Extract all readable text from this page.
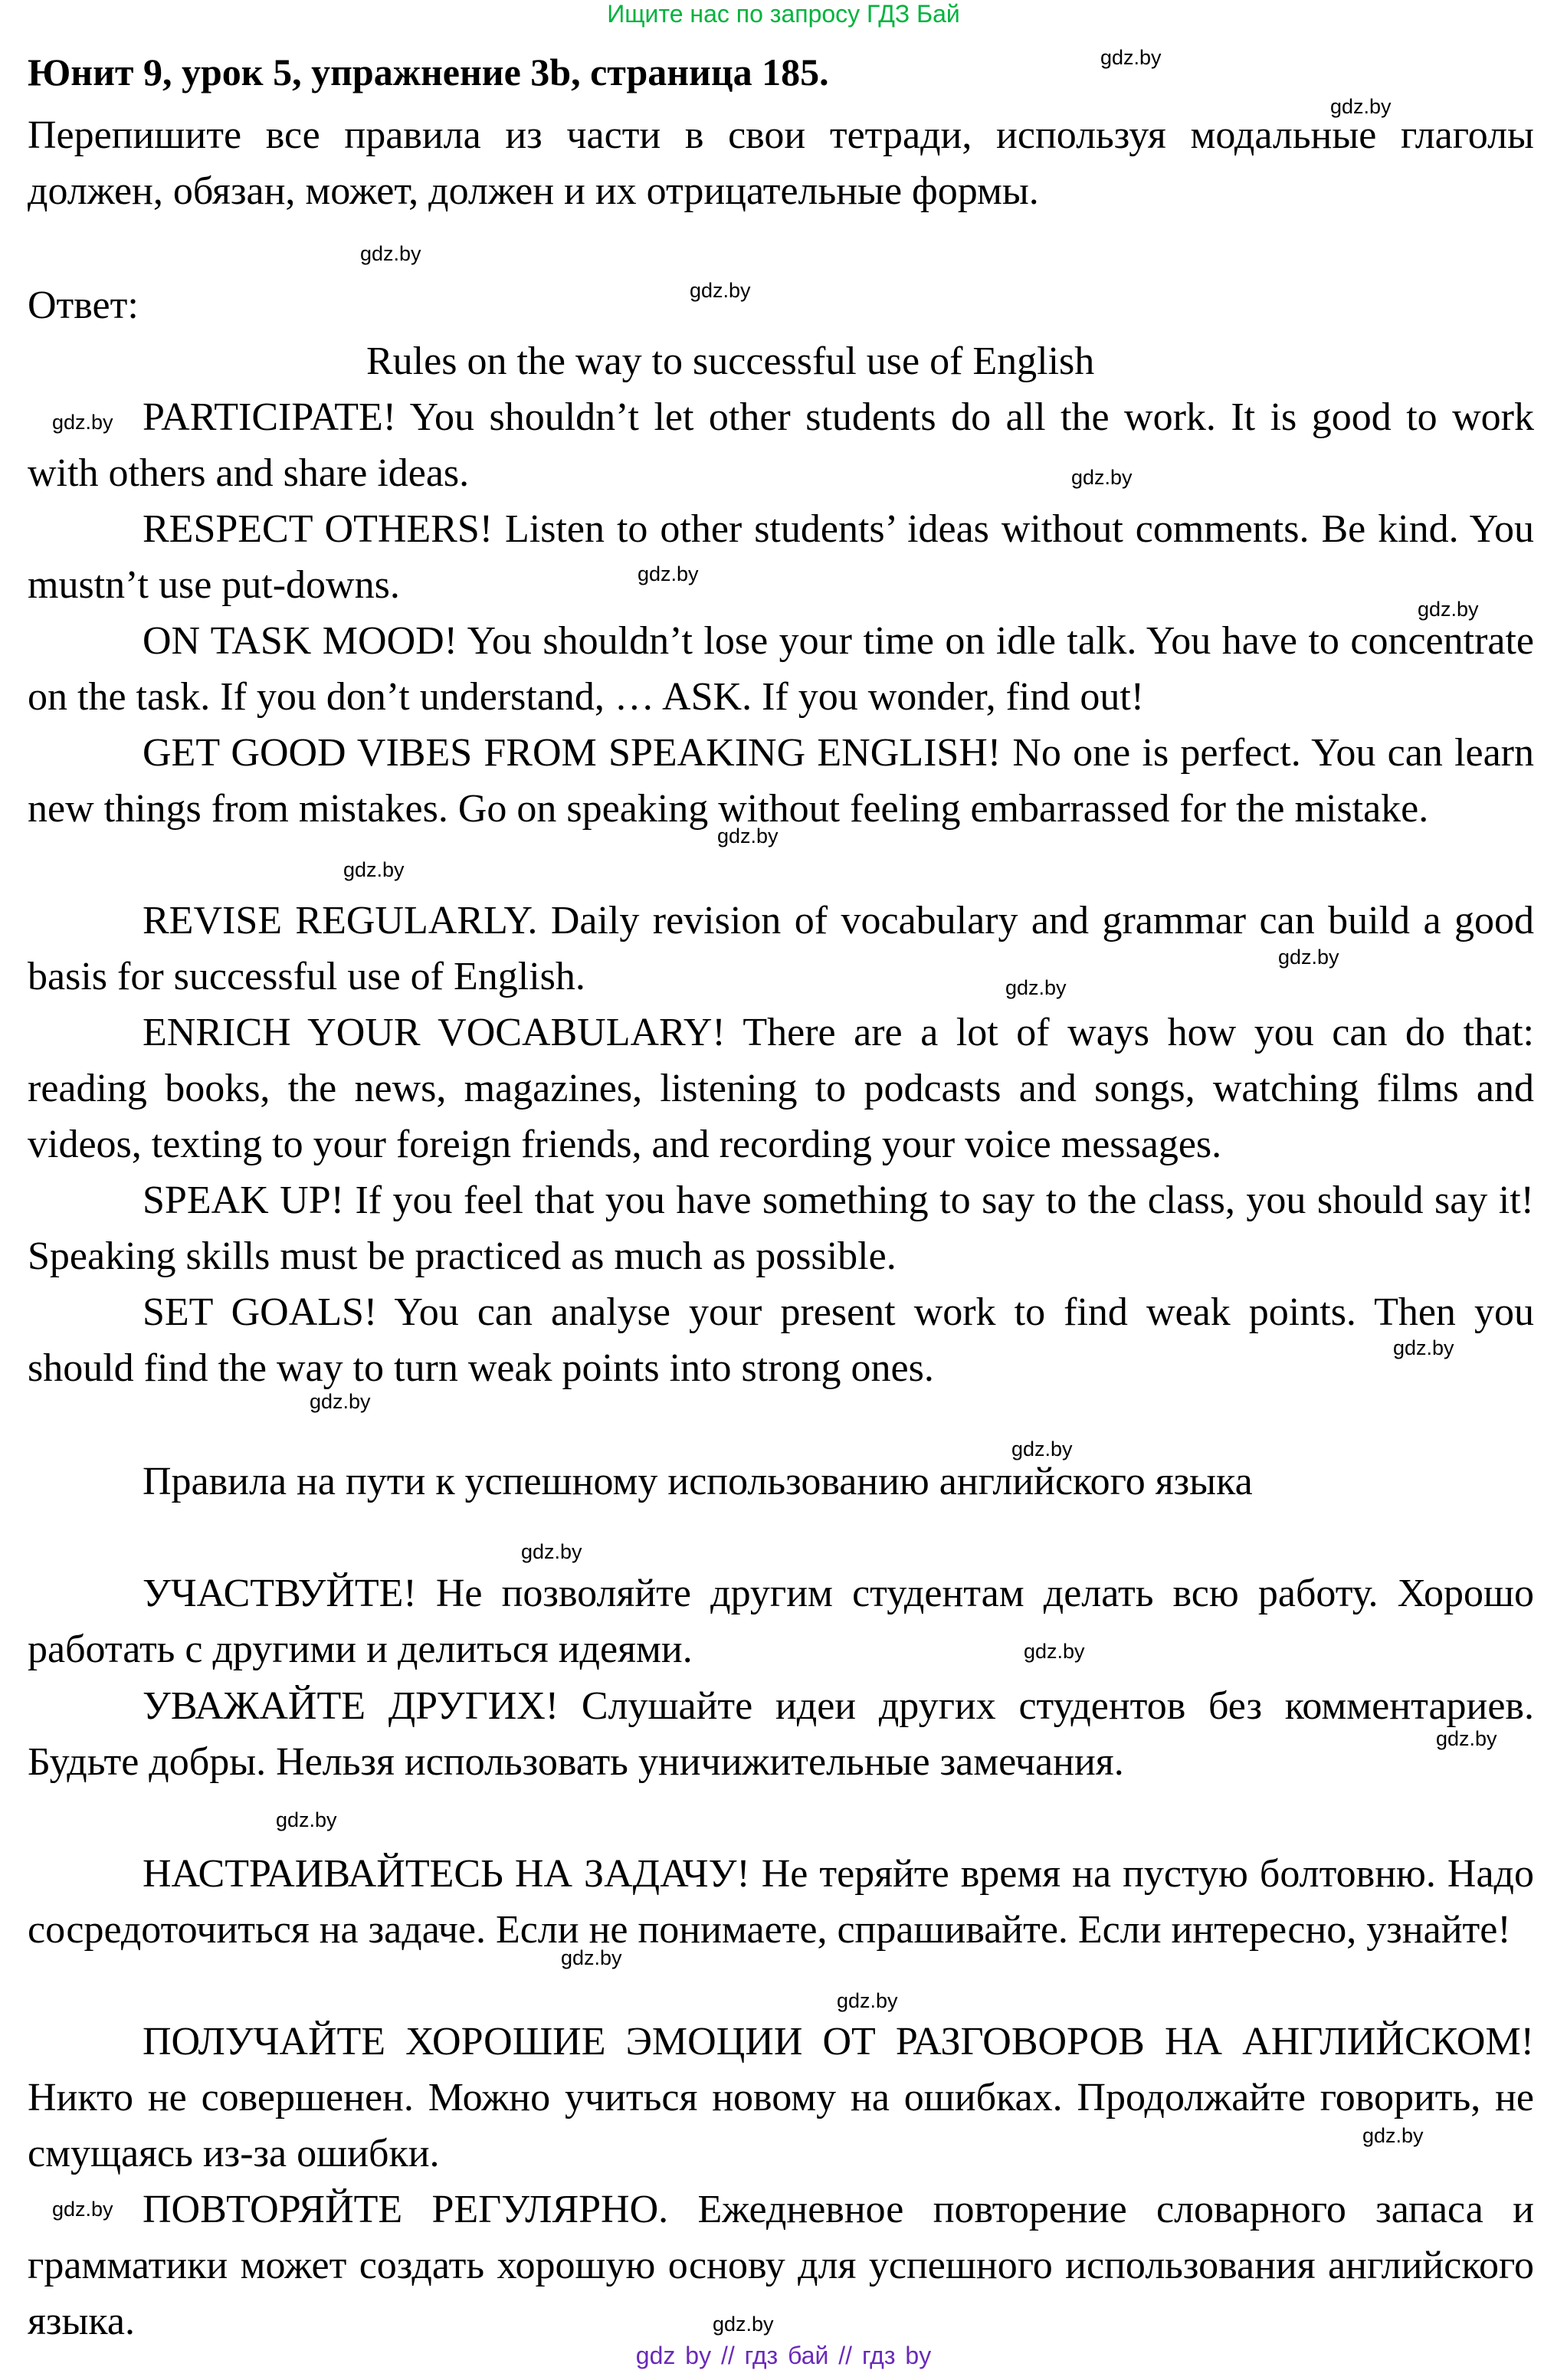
Ищите нас по запросу ГДЗ Бай
Юнит 9, урок 5, упражнение 3b, страница 185.
Перепишите все правила из части в свои тетради, используя модальные глаголы должен, обязан, может, должен и их отрицательные формы.
Ответ:
Rules on the way to successful use of English
PARTICIPATE! You shouldn’t let other students do all the work. It is good to work with others and share ideas.
RESPECT OTHERS! Listen to other students’ ideas without comments. Be kind. You mustn’t use put-downs.
ON TASK MOOD! You shouldn’t lose your time on idle talk. You have to concentrate on the task. If you don’t understand, … ASK. If you wonder, find out!
GET GOOD VIBES FROM SPEAKING ENGLISH! No one is perfect. You can learn new things from mistakes. Go on speaking without feeling embarrassed for the mistake.
REVISE REGULARLY. Daily revision of vocabulary and grammar can build a good basis for successful use of English.
ENRICH YOUR VOCABULARY! There are a lot of ways how you can do that: reading books, the news, magazines, listening to podcasts and songs, watching films and videos, texting to your foreign friends, and recording your voice messages.
SPEAK UP! If you feel that you have something to say to the class, you should say it! Speaking skills must be practiced as much as possible.
SET GOALS! You can analyse your present work to find weak points. Then you should find the way to turn weak points into strong ones.
Правила на пути к успешному использованию английского языка
УЧАСТВУЙТЕ! Не позволяйте другим студентам делать всю работу. Хорошо работать с другими и делиться идеями.
УВАЖАЙТЕ ДРУГИХ! Слушайте идеи других студентов без комментариев. Будьте добры. Нельзя использовать уничижительные замечания.
НАСТРАИВАЙТЕСЬ НА ЗАДАЧУ! Не теряйте время на пустую болтовню. Надо сосредоточиться на задаче. Если не понимаете, спрашивайте. Если интересно, узнайте!
ПОЛУЧАЙТЕ ХОРОШИЕ ЭМОЦИИ ОТ РАЗГОВОРОВ НА АНГЛИЙСКОМ! Никто не совершенен. Можно учиться новому на ошибках. Продолжайте говорить, не смущаясь из-за ошибки.
ПОВТОРЯЙТЕ РЕГУЛЯРНО. Ежедневное повторение словарного запаса и грамматики может создать хорошую основу для успешного использования английского языка.
gdz.by
gdz.by
gdz.by
gdz.by
gdz.by
gdz.by
gdz.by
gdz.by
gdz.by
gdz.by
gdz.by
gdz.by
gdz.by
gdz.by
gdz.by
gdz.by
gdz.by
gdz.by
gdz.by
gdz.by
gdz.by
gdz.by
gdz.by
gdz.by
gdz by // гдз бай // гдз by
